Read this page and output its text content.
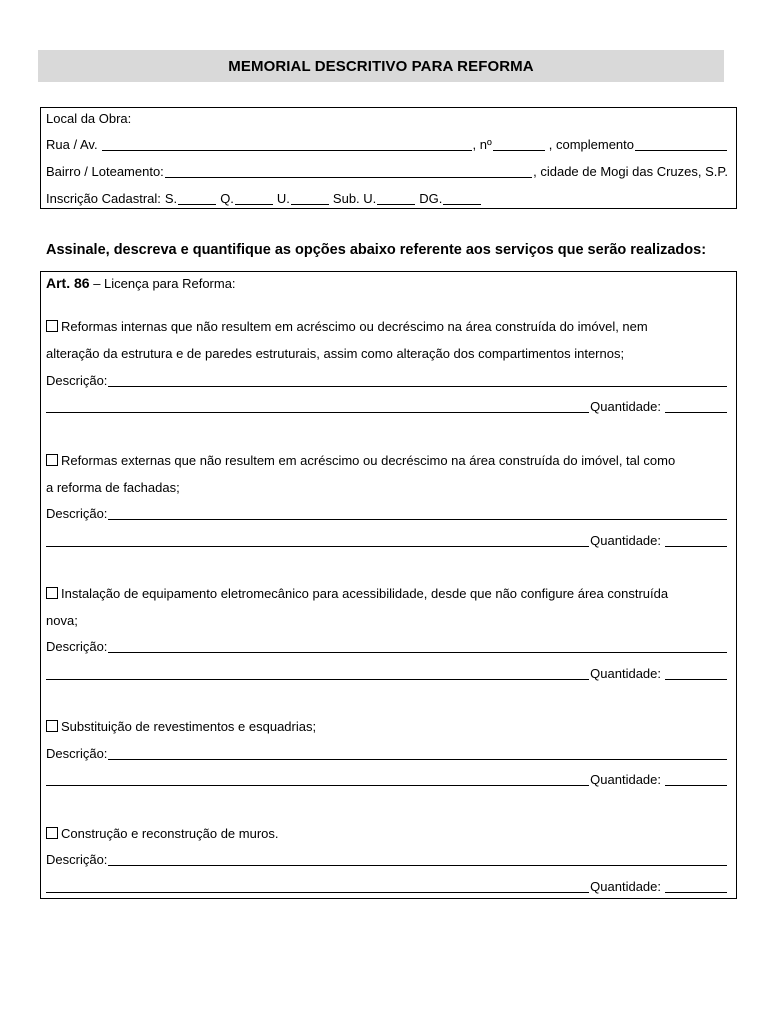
MEMORIAL DESCRITIVO PARA REFORMA
Local da Obra:
Rua / Av.	, nº	, complemento
Bairro / Loteamento:	, cidade de Mogi das Cruzes, S.P.
Inscrição Cadastral: S.	Q.	U.	Sub. U.	DG.
Assinale, descreva e quantifique as opções abaixo referente aos serviços que serão realizados:
Art. 86 – Licença para Reforma:
Reformas internas que não resultem em acréscimo ou decréscimo na área construída do imóvel, nem
alteração da estrutura e de paredes estruturais, assim como alteração dos compartimentos internos;
Descrição:
Quantidade:
Reformas externas que não resultem em acréscimo ou decréscimo na área construída do imóvel, tal como
a reforma de fachadas;
Descrição:
Quantidade:
Instalação de equipamento eletromecânico para acessibilidade, desde que não configure área construída
nova;
Descrição:
Quantidade:
Substituição de revestimentos e esquadrias;
Descrição:
Quantidade:
Construção e reconstrução de muros.
Descrição:
Quantidade:
